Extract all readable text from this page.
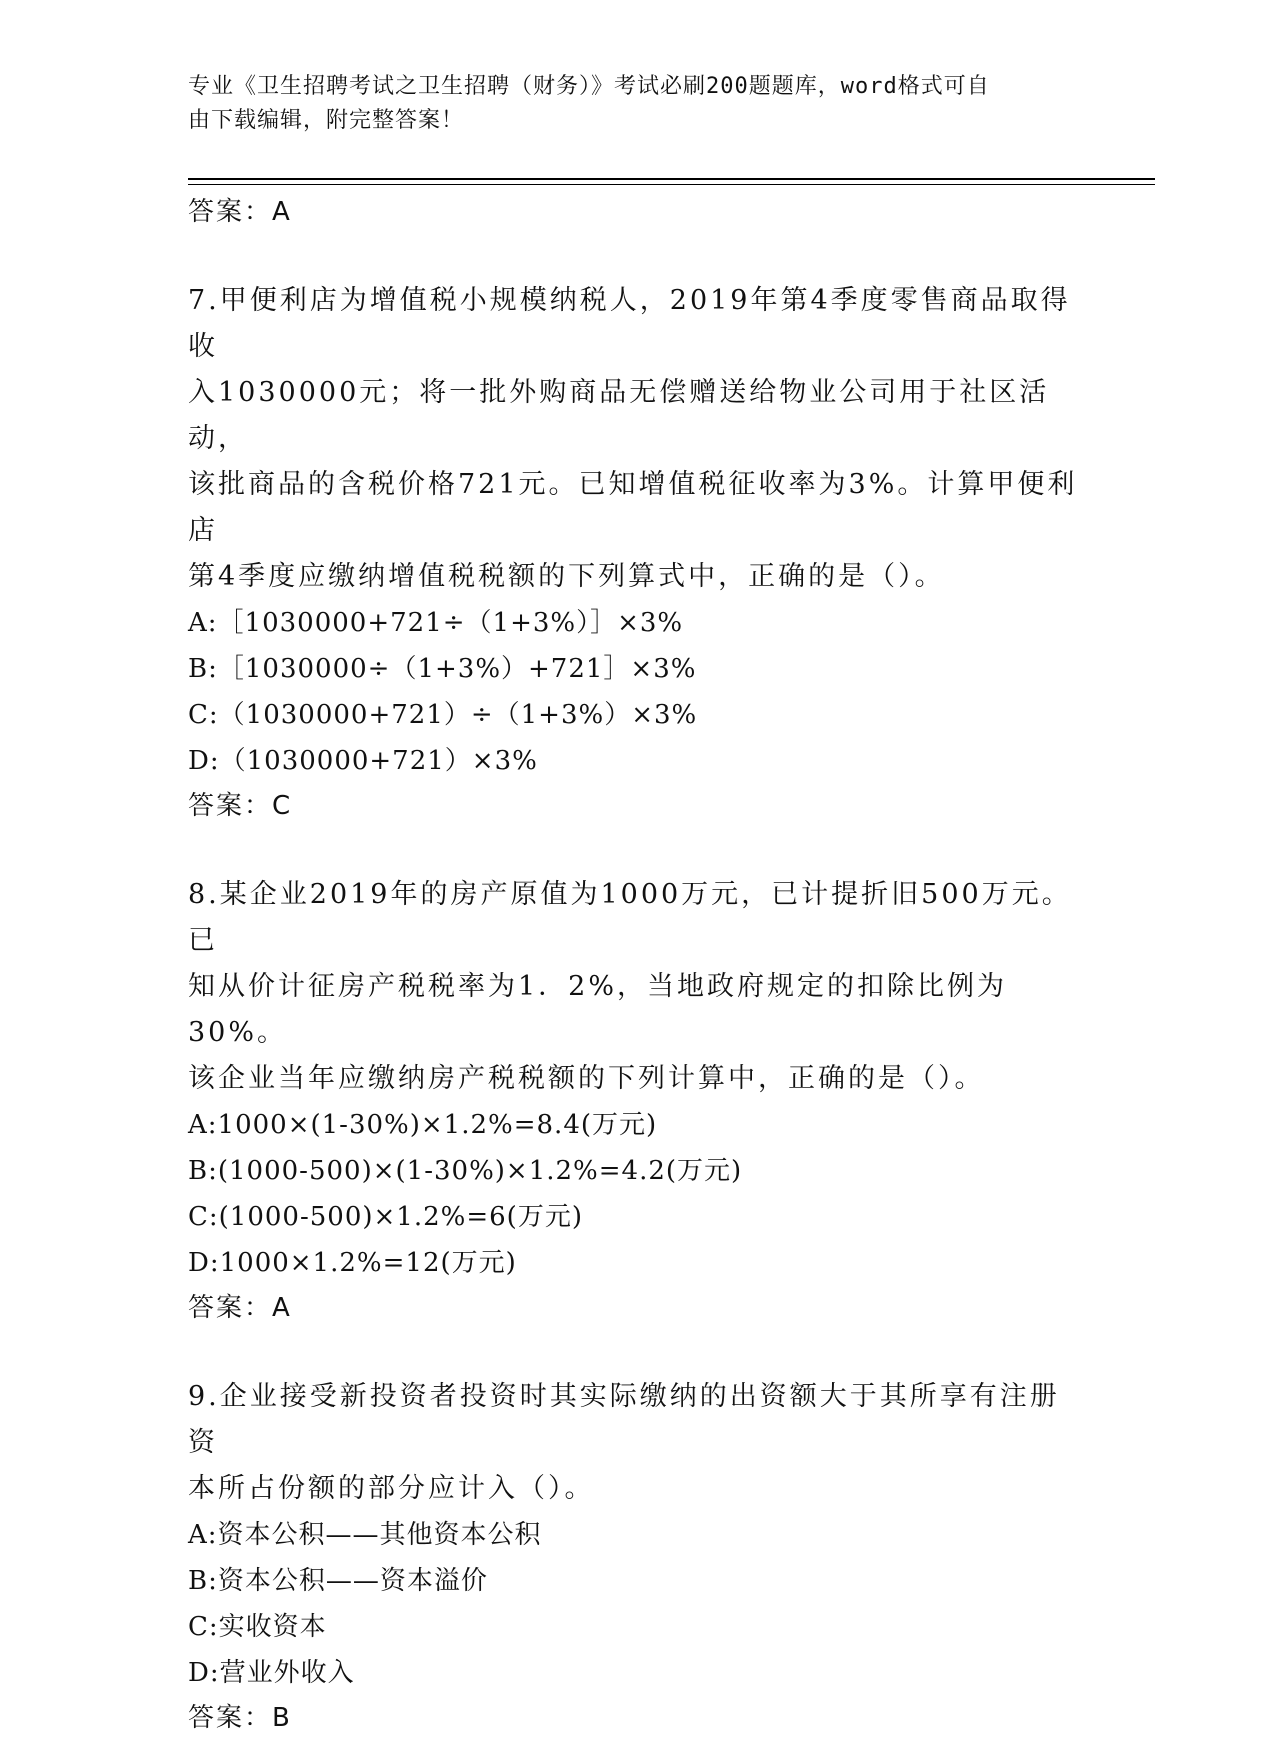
专业《卫生招聘考试之卫生招聘（财务）》考试必刷200题题库，word格式可自
由下载编辑，附完整答案！

答案：A

7.甲便利店为增值税小规模纳税人，2019年第4季度零售商品取得收

入1030000元；将一批外购商品无偿赠送给物业公司用于社区活动，

该批商品的含税价格721元。已知增值税征收率为3%。计算甲便利店

第4季度应缴纳增值税税额的下列算式中，正确的是（）。

A:［1030000+721÷（1+3%）］×3%

B:［1030000÷（1+3%）+721］×3%

C:（1030000+721）÷（1+3%）×3%

D:（1030000+721）×3%

答案：C

8.某企业2019年的房产原值为1000万元，已计提折旧500万元。已

知从价计征房产税税率为1．2%，当地政府规定的扣除比例为30%。

该企业当年应缴纳房产税税额的下列计算中，正确的是（）。

A:1000×(1-30%)×1.2%=8.4(万元)

B:(1000-500)×(1-30%)×1.2%=4.2(万元)

C:(1000-500)×1.2%=6(万元)

D:1000×1.2%=12(万元)

答案：A

9.企业接受新投资者投资时其实际缴纳的出资额大于其所享有注册资

本所占份额的部分应计入（）。

A:资本公积——其他资本公积

B:资本公积——资本溢价

C:实收资本

D:营业外收入

答案：B
